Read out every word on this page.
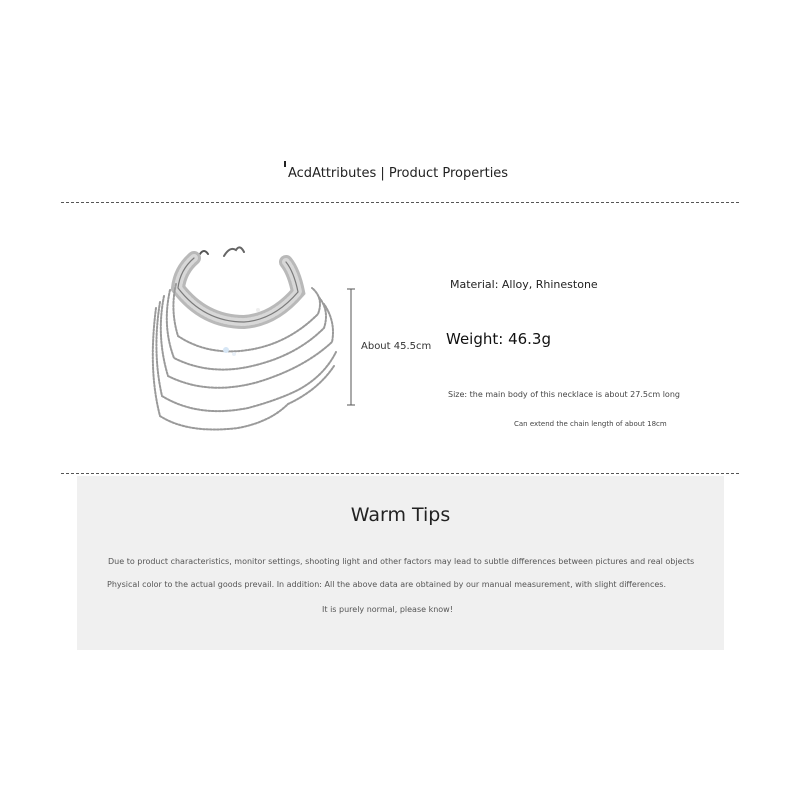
AcdAttributes | Product Properties
About 45.5cm
Material: Alloy, Rhinestone
Weight: 46.3g
Size: the main body of this necklace is about 27.5cm long
Can extend the chain length of about 18cm
Warm Tips
Due to product characteristics, monitor settings, shooting light and other factors may lead to subtle differences between pictures and real objects
Physical color to the actual goods prevail. In addition: All the above data are obtained by our manual measurement, with slight differences.
It is purely normal, please know!
